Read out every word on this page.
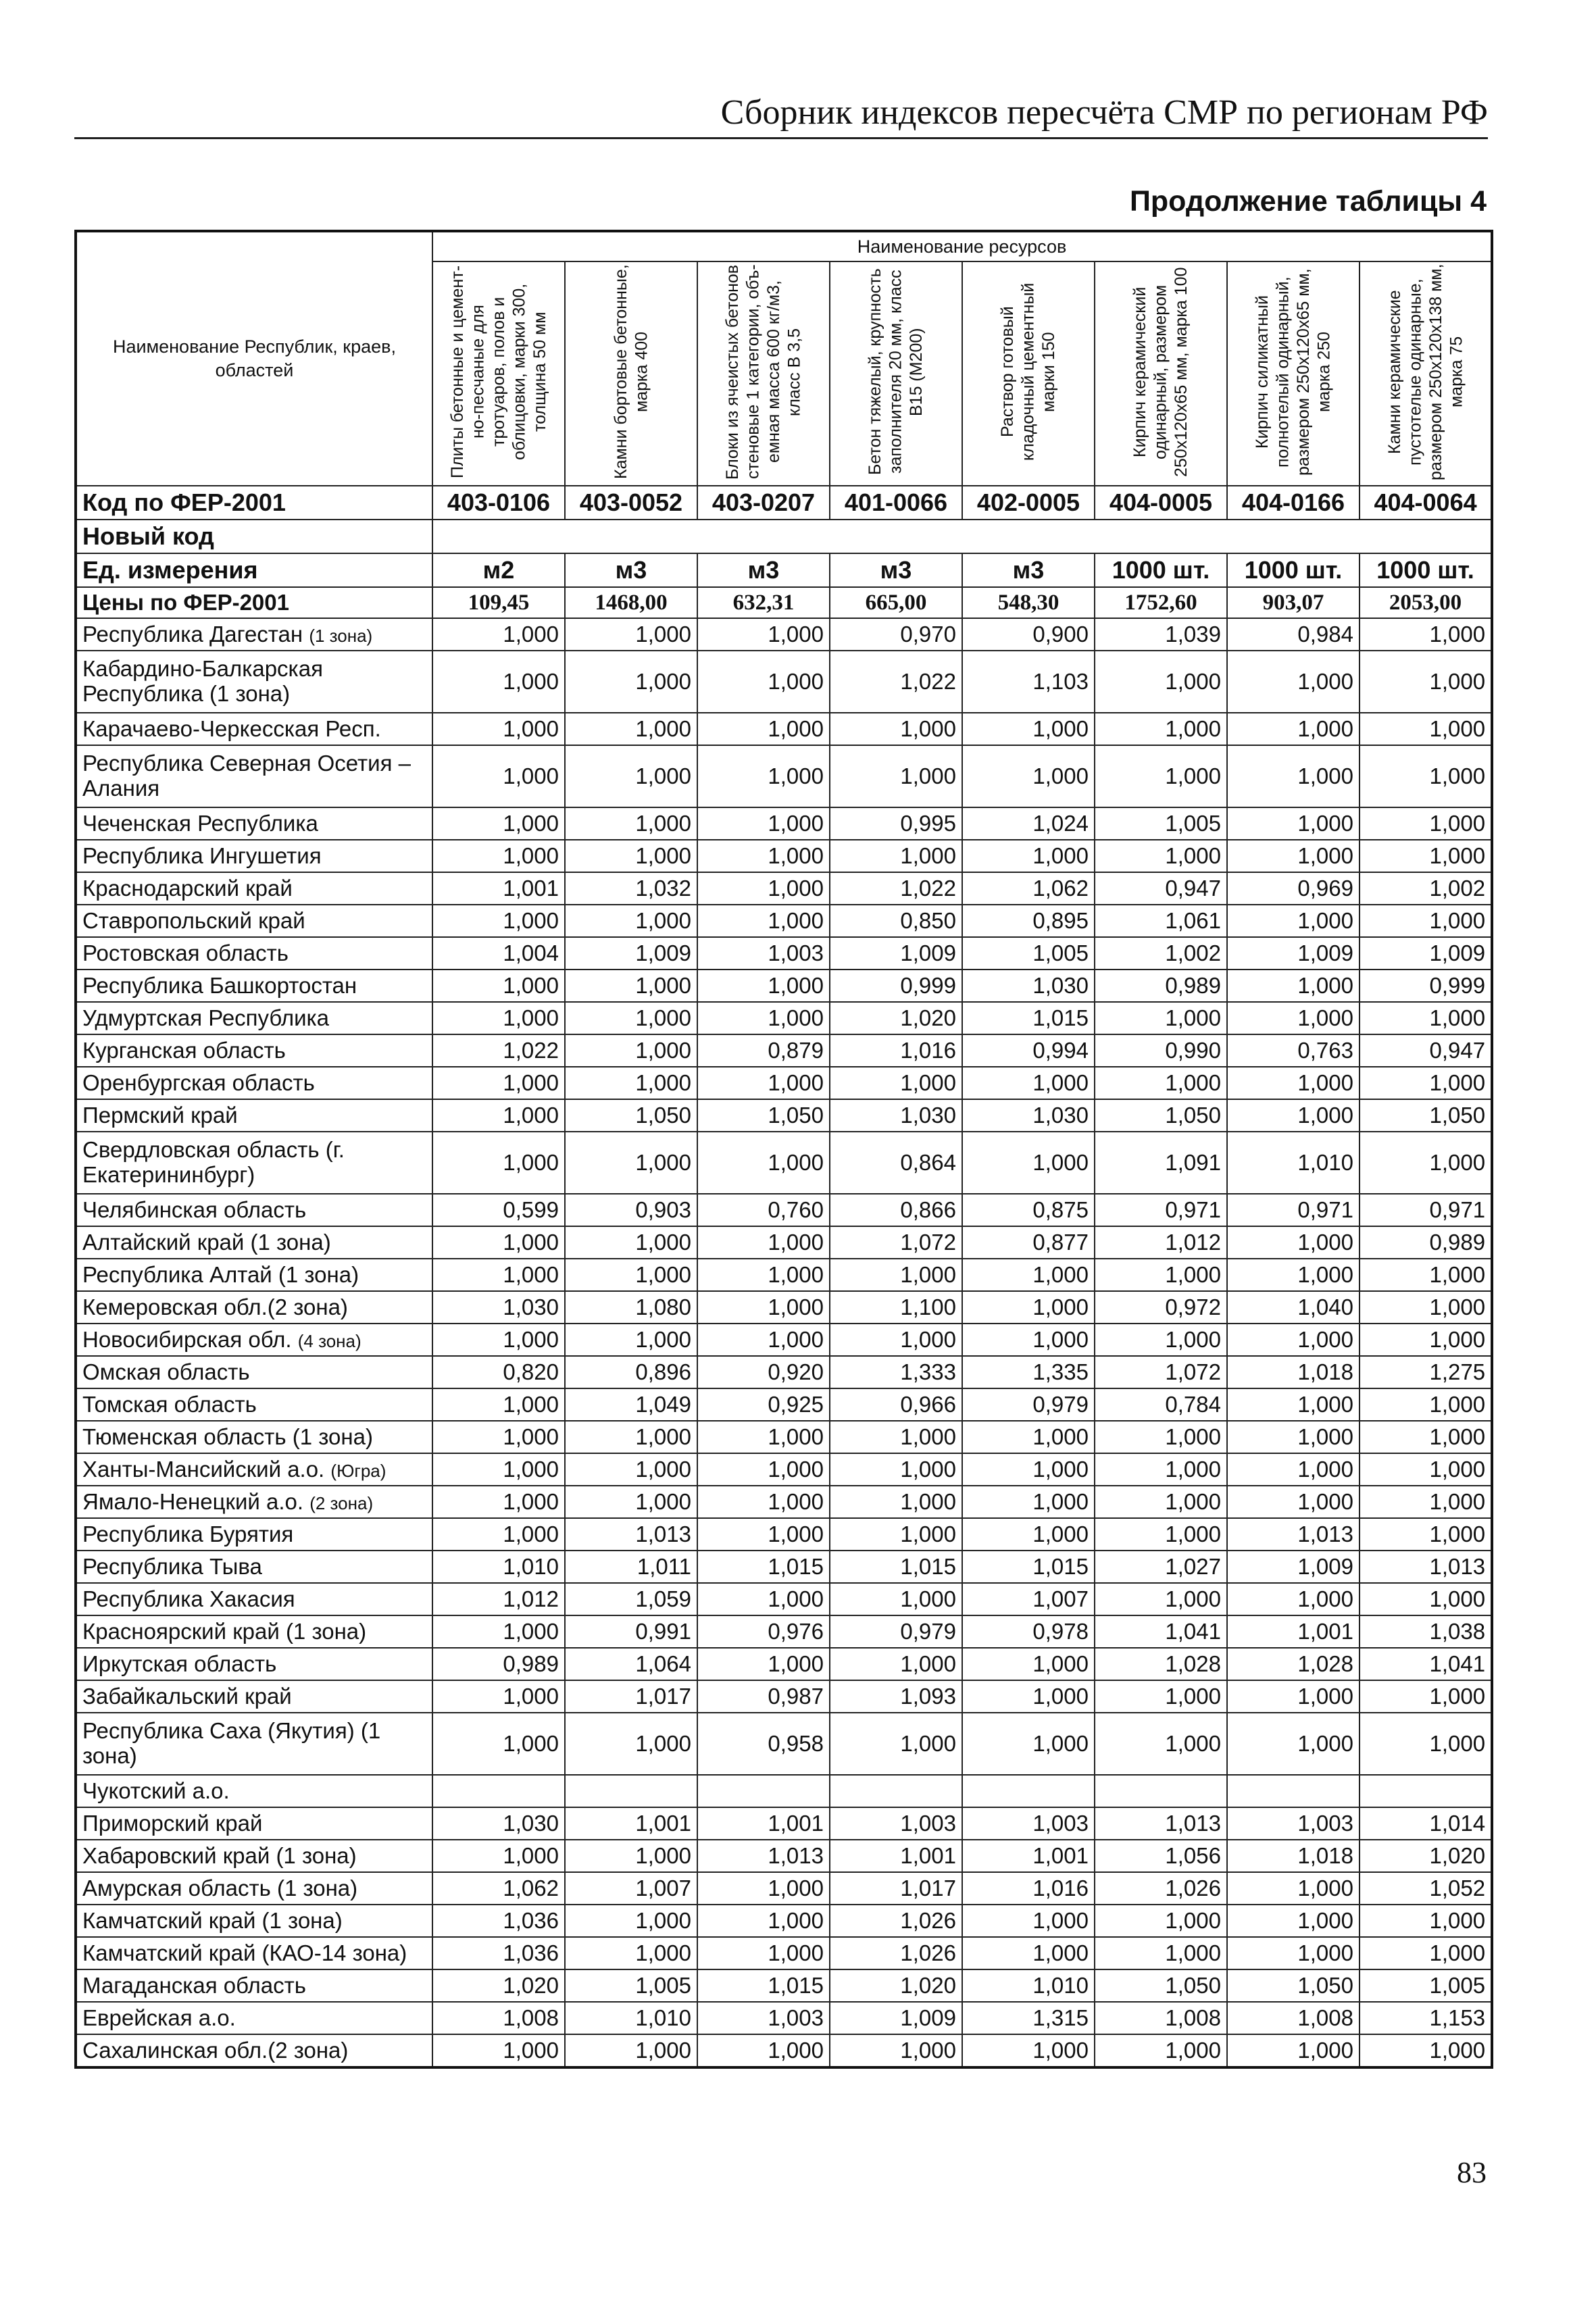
Сборник индексов пересчёта СМР по регионам РФ
Продолжение таблицы 4
Наименование Республик, краев, областей	Наименование ресурсов							
	Плиты бетонные и цемент-но-песчаные для тротуаров, полов и облицовки, марки 300, толщина 50 мм	Камни бортовые бетонные, марка 400	Блоки из ячеистых бетонов стеновые 1 категории, объ-емная масса 600 кг/м3, класс В 3,5	Бетон тяжелый, крупность заполнителя 20 мм, класс В15 (М200)	Раствор готовый кладочный цементный марки 150	Кирпич керамический одинарный, размером 250х120х65 мм, марка 100	Кирпич силикатный полнотелый одинарный, размером 250х120х65 мм, марка 250	Камни керамические пустотелые одинарные, размером 250х120х138 мм, марка 75
Код по ФЕР-2001	403-0106	403-0052	403-0207	401-0066	402-0005	404-0005	404-0166	404-0064
Новый код								
Ед. измерения	м2	м3	м3	м3	м3	1000 шт.	1000 шт.	1000 шт.
Цены по ФЕР-2001	109,45	1468,00	632,31	665,00	548,30	1752,60	903,07	2053,00
Республика Дагестан (1 зона)	1,000	1,000	1,000	0,970	0,900	1,039	0,984	1,000
Кабардино-Балкарская Республика (1 зона)	1,000	1,000	1,000	1,022	1,103	1,000	1,000	1,000
Карачаево-Черкесская Респ.	1,000	1,000	1,000	1,000	1,000	1,000	1,000	1,000
Республика Северная Осетия – Алания	1,000	1,000	1,000	1,000	1,000	1,000	1,000	1,000
Чеченская Республика	1,000	1,000	1,000	0,995	1,024	1,005	1,000	1,000
Республика Ингушетия	1,000	1,000	1,000	1,000	1,000	1,000	1,000	1,000
Краснодарский край	1,001	1,032	1,000	1,022	1,062	0,947	0,969	1,002
Ставропольский край	1,000	1,000	1,000	0,850	0,895	1,061	1,000	1,000
Ростовская область	1,004	1,009	1,003	1,009	1,005	1,002	1,009	1,009
Республика Башкортостан	1,000	1,000	1,000	0,999	1,030	0,989	1,000	0,999
Удмуртская Республика	1,000	1,000	1,000	1,020	1,015	1,000	1,000	1,000
Курганская область	1,022	1,000	0,879	1,016	0,994	0,990	0,763	0,947
Оренбургская область	1,000	1,000	1,000	1,000	1,000	1,000	1,000	1,000
Пермский край	1,000	1,050	1,050	1,030	1,030	1,050	1,000	1,050
Свердловская область (г. Екатерининбург)	1,000	1,000	1,000	0,864	1,000	1,091	1,010	1,000
Челябинская область	0,599	0,903	0,760	0,866	0,875	0,971	0,971	0,971
Алтайский край (1 зона)	1,000	1,000	1,000	1,072	0,877	1,012	1,000	0,989
Республика Алтай (1 зона)	1,000	1,000	1,000	1,000	1,000	1,000	1,000	1,000
Кемеровская обл.(2 зона)	1,030	1,080	1,000	1,100	1,000	0,972	1,040	1,000
Новосибирская обл. (4 зона)	1,000	1,000	1,000	1,000	1,000	1,000	1,000	1,000
Омская область	0,820	0,896	0,920	1,333	1,335	1,072	1,018	1,275
Томская область	1,000	1,049	0,925	0,966	0,979	0,784	1,000	1,000
Тюменская область (1 зона)	1,000	1,000	1,000	1,000	1,000	1,000	1,000	1,000
Ханты-Мансийский а.о. (Югра)	1,000	1,000	1,000	1,000	1,000	1,000	1,000	1,000
Ямало-Ненецкий а.о. (2 зона)	1,000	1,000	1,000	1,000	1,000	1,000	1,000	1,000
Республика Бурятия	1,000	1,013	1,000	1,000	1,000	1,000	1,013	1,000
Республика Тыва	1,010	1,011	1,015	1,015	1,015	1,027	1,009	1,013
Республика Хакасия	1,012	1,059	1,000	1,000	1,007	1,000	1,000	1,000
Красноярский край (1 зона)	1,000	0,991	0,976	0,979	0,978	1,041	1,001	1,038
Иркутская область	0,989	1,064	1,000	1,000	1,000	1,028	1,028	1,041
Забайкальский край	1,000	1,017	0,987	1,093	1,000	1,000	1,000	1,000
Республика Саха (Якутия) (1 зона)	1,000	1,000	0,958	1,000	1,000	1,000	1,000	1,000
Чукотский а.о.								
Приморский край	1,030	1,001	1,001	1,003	1,003	1,013	1,003	1,014
Хабаровский край (1 зона)	1,000	1,000	1,013	1,001	1,001	1,056	1,018	1,020
Амурская область (1 зона)	1,062	1,007	1,000	1,017	1,016	1,026	1,000	1,052
Камчатский край (1 зона)	1,036	1,000	1,000	1,026	1,000	1,000	1,000	1,000
Камчатский край (КАО-14 зона)	1,036	1,000	1,000	1,026	1,000	1,000	1,000	1,000
Магаданская область	1,020	1,005	1,015	1,020	1,010	1,050	1,050	1,005
Еврейская а.о.	1,008	1,010	1,003	1,009	1,315	1,008	1,008	1,153
Сахалинская обл.(2 зона)	1,000	1,000	1,000	1,000	1,000	1,000	1,000	1,000
83
